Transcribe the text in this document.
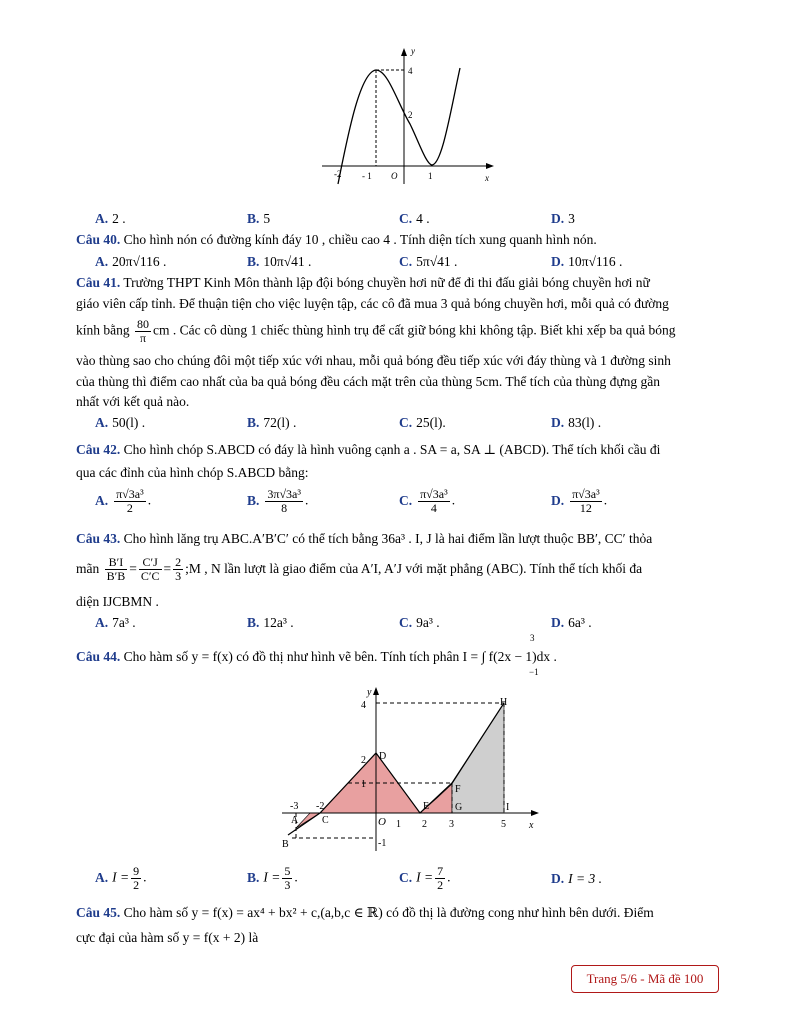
y
x
4
2
-2 - 1 O	1
A. 2 .	B. 5	C. 4 .	D. 3
Câu 40. Cho hình nón có đường kính đáy 10 , chiều cao 4 . Tính diện tích xung quanh hình nón.
A. 20π√116 .	B. 10π√41 .	C. 5π√41 .	D. 10π√116 .
Câu 41. Trường THPT Kinh Môn thành lập đội bóng chuyền hơi nữ để đi thi đấu giải bóng chuyền hơi nữ
giáo viên cấp tỉnh. Để thuận tiện cho việc luyện tập, các cô đã mua 3 quả bóng chuyền hơi, mỗi quả có đường
kính bằng $\frac{80}{\pi}$ cm . Các cô dùng 1 chiếc thùng hình trụ để cất giữ bóng khi không tập. Biết khi xếp ba quả bóng
vào thùng sao cho chúng đôi một tiếp xúc với nhau, mỗi quả bóng đều tiếp xúc với đáy thùng và 1 đường sinh
của thùng thì điểm cao nhất của ba quả bóng đều cách mặt trên của thùng 5cm. Thể tích của thùng đựng gần
nhất với kết quả nào.
A. 50(l) .	B. 72(l) .	C. 25(l).	D. 83(l) .
Câu 42. Cho hình chóp S.ABCD có đáy là hình vuông cạnh a . SA = a, SA ⊥ (ABCD). Thể tích khối cầu đi
qua các đỉnh của hình chóp S.ABCD bằng:
A. $\frac{\text{π√3a³}}{2}$ .	B. $\frac{\text{3π√3a³}}{8}$ .	C. $\frac{\text{π√3a³}}{4}$ .	D. $\frac{\text{π√3a³}}{12}$ .
Câu 43. Cho hình lăng trụ ABC.A′B′C′ có thể tích bằng 36a³ . I, J là hai điểm lần lượt thuộc BB′, CC′ thỏa
mãn $\frac{B'I}{B'B} = \frac{C'J}{C'C} = \frac{2}{3}$ ;M , N lần lượt là giao điểm của A′I, A′J với mặt phẳng (ABC). Tính thể tích khối đa
diện IJCBMN .
A. 7a³ .	B. 12a³ .	C. 9a³ .	D. 6a³ .
Câu 44. Cho hàm số y = f(x) có đồ thị như hình vẽ bên. Tính tích phân I = ∫ f(2x − 1)dx .
3
−1
y
x
4
2
1
-1
-3 -2
O 1 2 3	5
A
B
C
D
E
F
G
H
I
A. $I = \frac{9}{2}$ .	B. $I = \frac{5}{3}$ .	C. $I = \frac{7}{2}$ .	D. I = 3 .
Câu 45. Cho hàm số y = f(x) = ax⁴ + bx² + c,(a,b,c ∈ ℝ) có đồ thị là đường cong như hình bên dưới. Điểm
cực đại của hàm số y = f(x + 2) là
Trang 5/6 - Mã đề 100
